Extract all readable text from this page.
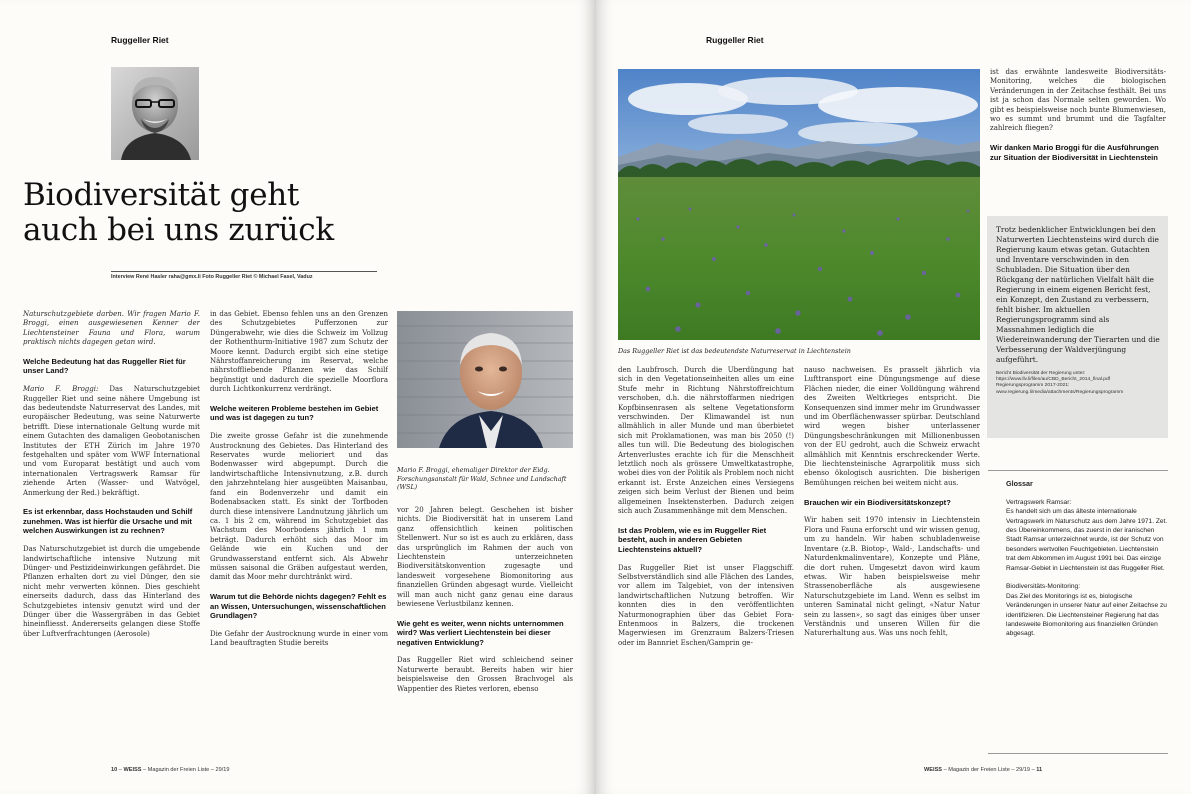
Ruggeller Riet
Biodiversität geht
auch bei uns zurück
Interview René Hasler raha@gmx.li Foto Ruggeller Riet © Michael Fasel, Vaduz

Naturschutzgebiete darben. Wir fragen Mario F. Broggi, einen ausgewiesenen Kenner der Liechtensteiner Fauna und Flora, warum praktisch nichts dagegen getan wird.

Welche Bedeutung hat das Ruggeller Riet für unser Land?

Mario F. Broggi: Das Naturschutzgebiet Ruggeller Riet und seine nähere Umgebung ist das bedeutendste Naturreservat des Landes, mit europäischer Bedeutung, was seine Naturwerte betrifft. Diese internationale Geltung wurde mit einem Gutachten des damaligen Geobotanischen Institutes der ETH Zürich im Jahre 1970 festgehalten und später vom WWF International und vom Europarat bestätigt und auch vom internationalen Vertragswerk Ramsar für ziehende Arten (Wasser- und Watvögel, Anmerkung der Red.) bekräftigt.

Es ist erkennbar, dass Hochstauden und Schilf zunehmen. Was ist hierfür die Ursache und mit welchen Auswirkungen ist zu rechnen?

Das Naturschutzgebiet ist durch die umgebende landwirtschaftliche intensive Nutzung mit Dünger- und Pestizideinwirkungen gefährdet. Die Pflanzen erhalten dort zu viel Dünger, den sie nicht mehr verwerten können. Dies geschieht einerseits dadurch, dass das Hinterland des Schutzgebietes intensiv genutzt wird und der Dünger über die Wassergräben in das Gebiet hineinfliesst. Andererseits gelangen diese Stoffe über Luftverfrachtungen (Aerosole)

in das Gebiet. Ebenso fehlen uns an den Grenzen des Schutzgebietes Pufferzonen zur Düngerabwehr, wie dies die Schweiz im Vollzug der Rothenthurm-Initiative 1987 zum Schutz der Moore kennt. Dadurch ergibt sich eine stetige Nährstoffanreicherung im Reservat, welche nährstoffliebende Pflanzen wie das Schilf begünstigt und dadurch die spezielle Moorflora durch Lichtkonkurrenz verdrängt.

Welche weiteren Probleme bestehen im Gebiet und was ist dagegen zu tun?

Die zweite grosse Gefahr ist die zunehmende Austrocknung des Gebietes. Das Hinterland des Reservates wurde melioriert und das Bodenwasser wird abgepumpt. Durch die landwirtschaftliche Intensivnutzung, z.B. durch den jahrzehntelang hier ausgeübten Maisanbau, fand ein Bodenverzehr und damit ein Bodenabsacken statt. Es sinkt der Torfboden durch diese intensivere Landnutzung jährlich um ca. 1 bis 2 cm, während im Schutzgebiet das Wachstum des Moorbodens jährlich 1 mm beträgt. Dadurch erhöht sich das Moor im Gelände wie ein Kuchen und der Grundwasserstand entfernt sich. Als Abwehr müssen saisonal die Gräben aufgestaut werden, damit das Moor mehr durchtränkt wird.

Warum tut die Behörde nichts dagegen? Fehlt es an Wissen, Untersuchungen, wissenschaftlichen Grundlagen?

Die Gefahr der Austrocknung wurde in einer vom Land beauftragten Studie bereits

Mario F. Broggi, ehemaliger Direktor der Eidg. Forschungsanstalt für Wald, Schnee und Landschaft (WSL)

vor 20 Jahren belegt. Geschehen ist bisher nichts. Die Biodiversität hat in unserem Land ganz offensichtlich keinen politischen Stellenwert. Nur so ist es auch zu erklären, dass das ursprünglich im Rahmen der auch von Liechtenstein unterzeichneten Biodiversitätskonvention zugesagte und landesweit vorgesehene Biomonitoring aus finanziellen Gründen abgesagt wurde. Vielleicht will man auch nicht ganz genau eine daraus bewiesene Verlustbilanz kennen.

Wie geht es weiter, wenn nichts unternommen wird? Was verliert Liechtenstein bei dieser negativen Entwicklung?

Das Ruggeller Riet wird schleichend seiner Naturwerte beraubt. Bereits haben wir hier beispielsweise den Grossen Brachvogel als Wappentier des Rietes verloren, ebenso

10 – WEISS – Magazin der Freien Liste – 29/19
Ruggeller Riet
Das Ruggeller Riet ist das bedeutendste Naturreservat in Liechtenstein

den Laubfrosch. Durch die Überdüngung hat sich in den Vegetationseinheiten alles um eine Stufe mehr in Richtung Nährstoffreichtum verschoben, d.h. die nährstoffarmen niedrigen Kopfbinsenrasen als seltene Vegetationsform verschwinden. Der Klimawandel ist nun allmählich in aller Munde und man überbietet sich mit Proklamationen, was man bis 2050 (!) alles tun will. Die Bedeutung des biologischen Artenverlustes erachte ich für die Menschheit letztlich noch als grössere Umweltkatastrophe, wobei dies von der Politik als Problem noch nicht erkannt ist. Erste Anzeichen eines Versiegens zeigen sich beim Verlust der Bienen und beim allgemeinen Insektensterben. Dadurch zeigen sich auch Zusammenhänge mit dem Menschen.

Ist das Problem, wie es im Ruggeller Riet besteht, auch in anderen Gebieten Liechtensteins aktuell?

Das Ruggeller Riet ist unser Flaggschiff. Selbstverständlich sind alle Flächen des Landes, vor allem im Talgebiet, von der intensiven landwirtschaftlichen Nutzung betroffen. Wir konnten dies in den veröffentlichten Naturmonographien über das Gebiet Fora-Entenmoos in Balzers, die trockenen Magerwiesen im Grenzraum Balzers-Triesen oder im Bannriet Eschen/Gamprin ge-

nauso nachweisen. Es prasselt jährlich via Lufttransport eine Düngungsmenge auf diese Flächen nieder, die einer Volldüngung während des Zweiten Weltkrieges entspricht. Die Konsequenzen sind immer mehr im Grundwasser und im Oberflächenwasser spürbar. Deutschland wird wegen bisher unterlassener Düngungsbeschränkungen mit Millionenbussen von der EU gedroht, auch die Schweiz erwacht allmählich mit Kenntnis erschreckender Werte. Die liechtensteinische Agrarpolitik muss sich ebenso ökologisch ausrichten. Die bisherigen Bemühungen reichen bei weitem nicht aus.

Brauchen wir ein Biodiversitätskonzept?

Wir haben seit 1970 intensiv in Liechtenstein Flora und Fauna erforscht und wir wissen genug, um zu handeln. Wir haben schubladenweise Inventare (z.B. Biotop-, Wald-, Landschafts- und Naturdenkmalinventare), Konzepte und Pläne, die dort ruhen. Umgesetzt davon wird kaum etwas. Wir haben beispielsweise mehr Strassenoberfläche als ausgewiesene Naturschutzgebiete im Land. Wenn es selbst im unteren Saminatal nicht gelingt, «Natur Natur sein zu lassen», so sagt das einiges über unser Verständnis und unseren Willen für die Naturerhaltung aus. Was uns noch fehlt,

ist das erwähnte landesweite Biodiversitäts-Monitoring, welches die biologischen Veränderungen in der Zeitachse festhält. Bei uns ist ja schon das Normale selten geworden. Wo gibt es beispielsweise noch bunte Blumenwiesen, wo es summt und brummt und die Tagfalter zahlreich fliegen?

Wir danken Mario Broggi für die Ausführungen zur Situation der Biodiversität in Liechtenstein

Trotz bedenklicher Entwicklungen bei den Naturwerten Liechtensteins wird durch die Regierung kaum etwas getan. Gutachten und Inventare verschwinden in den Schubladen. Die Situation über den Rückgang der natürlichen Vielfalt hält die Regierung in einem eigenen Bericht fest, ein Konzept, den Zustand zu verbessern, fehlt bisher. Im aktuellen Regierungsprogramm sind als Massnahmen lediglich die Wiedereinwanderung der Tierarten und die Verbesserung der Waldverjüngung aufgeführt.
Bericht Biodiversität der Regierung unter:
https://www.llv.li/files/au/CBD_Bericht_2014_final.pdf
Regierungsprogramm 2017-2021: www.regierung.li/media/attachments/Regierungsprogramm

Glossar

Vertragswerk Ramsar:

Es handelt sich um das älteste internationale Vertragswerk im Naturschutz aus dem Jahre 1971. Zet. des Übereinkommens, das zuerst in der iranischen Stadt Ramsar unterzeichnet wurde, ist der Schutz von besonders wertvollen Feuchtgebieten. Liechtenstein trat dem Abkommen im August 1991 bei. Das einzige Ramsar-Gebiet in Liechtenstein ist das Ruggeller Riet.

Biodiversitäts-Monitoring:

Das Ziel des Monitorings ist es, biologische Veränderungen in unserer Natur auf einer Zeitachse zu identifizieren. Die Liechtensteiner Regierung hat das landesweite Biomonitoring aus finanziellen Gründen abgesagt.

WEISS – Magazin der Freien Liste – 29/19 – 11
